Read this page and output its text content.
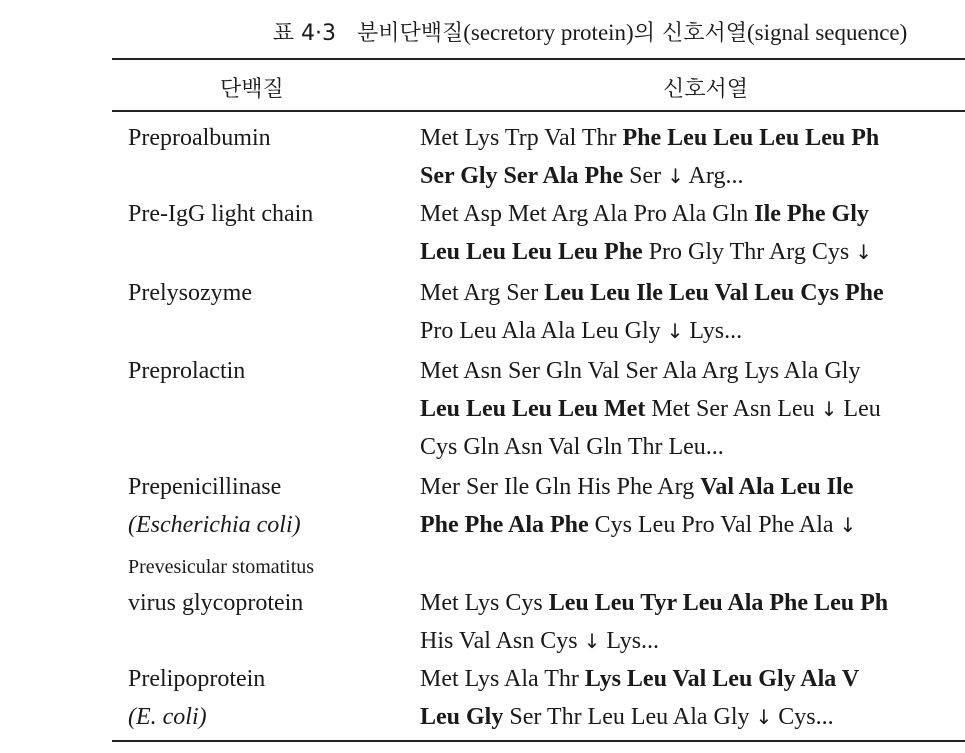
표 4·3 분비단백질(secretory protein)의 신호서열(signal sequence)
단백질	신호서열
Preproalbumin	Met Lys Trp Val Thr Phe Leu Leu Leu Leu Ph
Ser Gly Ser Ala Phe Ser ↓ Arg...
Pre-IgG light chain	Met Asp Met Arg Ala Pro Ala Gln Ile Phe Gly
Leu Leu Leu Leu Phe Pro Gly Thr Arg Cys ↓
Prelysozyme	Met Arg Ser Leu Leu Ile Leu Val Leu Cys Phe
Pro Leu Ala Ala Leu Gly ↓ Lys...
Preprolactin	Met Asn Ser Gln Val Ser Ala Arg Lys Ala Gly
Leu Leu Leu Leu Met Met Ser Asn Leu ↓ Leu
Cys Gln Asn Val Gln Thr Leu...
Prepenicillinase	Mer Ser Ile Gln His Phe Arg Val Ala Leu Ile
(Escherichia coli)	Phe Phe Ala Phe Cys Leu Pro Val Phe Ala ↓
Prevesicular stomatitus
virus glycoprotein	Met Lys Cys Leu Leu Tyr Leu Ala Phe Leu Ph
His Val Asn Cys ↓ Lys...
Prelipoprotein	Met Lys Ala Thr Lys Leu Val Leu Gly Ala V
(E. coli)	Leu Gly Ser Thr Leu Leu Ala Gly ↓ Cys...
